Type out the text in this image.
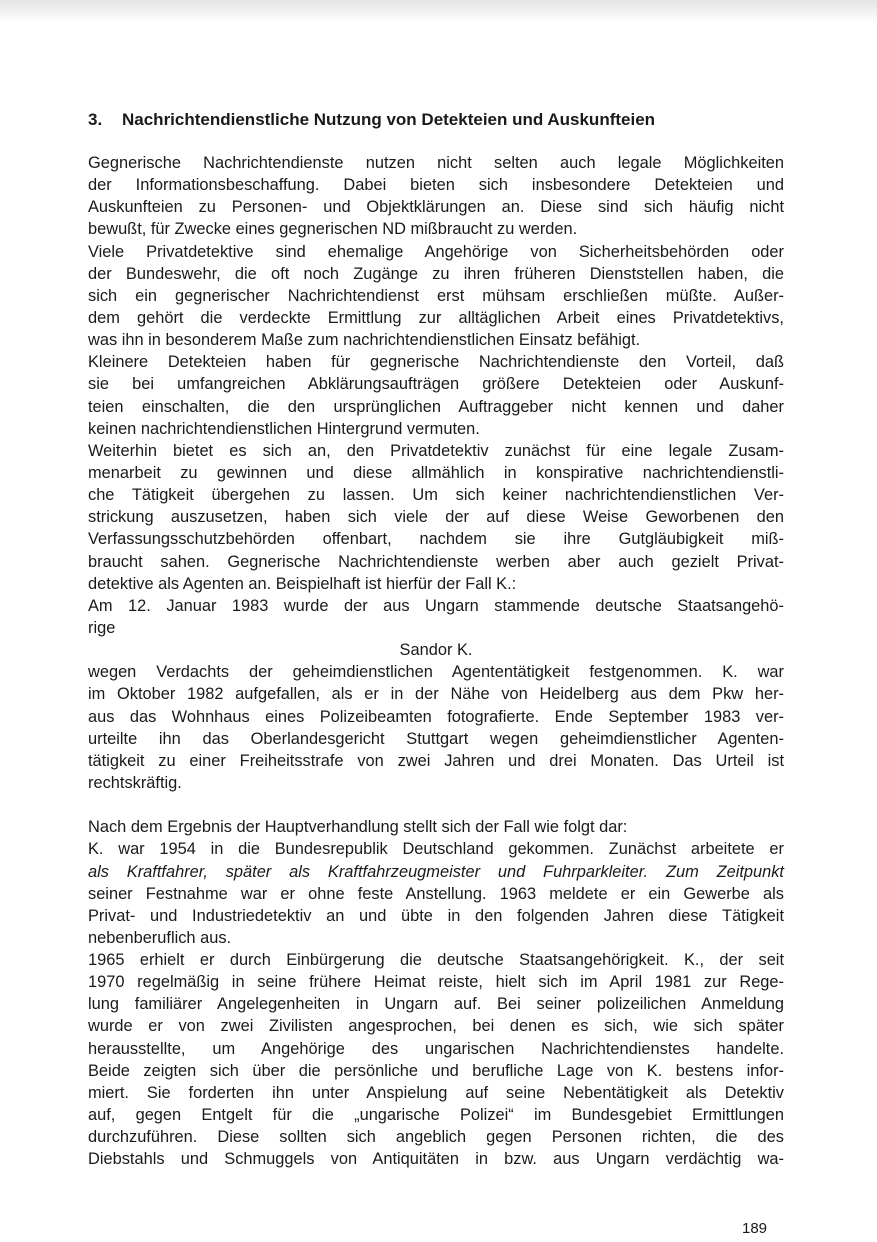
3. Nachrichtendienstliche Nutzung von Detekteien und Auskunfteien
Gegnerische Nachrichtendienste nutzen nicht selten auch legale Möglichkeiten
der Informationsbeschaffung. Dabei bieten sich insbesondere Detekteien und
Auskunfteien zu Personen- und Objektklärungen an. Diese sind sich häufig nicht
bewußt, für Zwecke eines gegnerischen ND mißbraucht zu werden.
Viele Privatdetektive sind ehemalige Angehörige von Sicherheitsbehörden oder
der Bundeswehr, die oft noch Zugänge zu ihren früheren Dienststellen haben, die
sich ein gegnerischer Nachrichtendienst erst mühsam erschließen müßte. Außer-
dem gehört die verdeckte Ermittlung zur alltäglichen Arbeit eines Privatdetektivs,
was ihn in besonderem Maße zum nachrichtendienstlichen Einsatz befähigt.
Kleinere Detekteien haben für gegnerische Nachrichtendienste den Vorteil, daß
sie bei umfangreichen Abklärungsaufträgen größere Detekteien oder Auskunf-
teien einschalten, die den ursprünglichen Auftraggeber nicht kennen und daher
keinen nachrichtendienstlichen Hintergrund vermuten.
Weiterhin bietet es sich an, den Privatdetektiv zunächst für eine legale Zusam-
menarbeit zu gewinnen und diese allmählich in konspirative nachrichtendienstli-
che Tätigkeit übergehen zu lassen. Um sich keiner nachrichtendienstlichen Ver-
strickung auszusetzen, haben sich viele der auf diese Weise Geworbenen den
Verfassungsschutzbehörden offenbart, nachdem sie ihre Gutgläubigkeit miß-
braucht sahen. Gegnerische Nachrichtendienste werben aber auch gezielt Privat-
detektive als Agenten an. Beispielhaft ist hierfür der Fall K.:
Am 12. Januar 1983 wurde der aus Ungarn stammende deutsche Staatsangehö-
rige
Sandor K.
wegen Verdachts der geheimdienstlichen Agententätigkeit festgenommen. K. war
im Oktober 1982 aufgefallen, als er in der Nähe von Heidelberg aus dem Pkw her-
aus das Wohnhaus eines Polizeibeamten fotografierte. Ende September 1983 ver-
urteilte ihn das Oberlandesgericht Stuttgart wegen geheimdienstlicher Agenten-
tätigkeit zu einer Freiheitsstrafe von zwei Jahren und drei Monaten. Das Urteil ist
rechtskräftig.
Nach dem Ergebnis der Hauptverhandlung stellt sich der Fall wie folgt dar:
K. war 1954 in die Bundesrepublik Deutschland gekommen. Zunächst arbeitete er
als Kraftfahrer, später als Kraftfahrzeugmeister und Fuhrparkleiter. Zum Zeitpunkt
seiner Festnahme war er ohne feste Anstellung. 1963 meldete er ein Gewerbe als
Privat- und Industriedetektiv an und übte in den folgenden Jahren diese Tätigkeit
nebenberuflich aus.
1965 erhielt er durch Einbürgerung die deutsche Staatsangehörigkeit. K., der seit
1970 regelmäßig in seine frühere Heimat reiste, hielt sich im April 1981 zur Rege-
lung familiärer Angelegenheiten in Ungarn auf. Bei seiner polizeilichen Anmeldung
wurde er von zwei Zivilisten angesprochen, bei denen es sich, wie sich später
herausstellte, um Angehörige des ungarischen Nachrichtendienstes handelte.
Beide zeigten sich über die persönliche und berufliche Lage von K. bestens infor-
miert. Sie forderten ihn unter Anspielung auf seine Nebentätigkeit als Detektiv
auf, gegen Entgelt für die „ungarische Polizei“ im Bundesgebiet Ermittlungen
durchzuführen. Diese sollten sich angeblich gegen Personen richten, die des
Diebstahls und Schmuggels von Antiquitäten in bzw. aus Ungarn verdächtig wa-
189
